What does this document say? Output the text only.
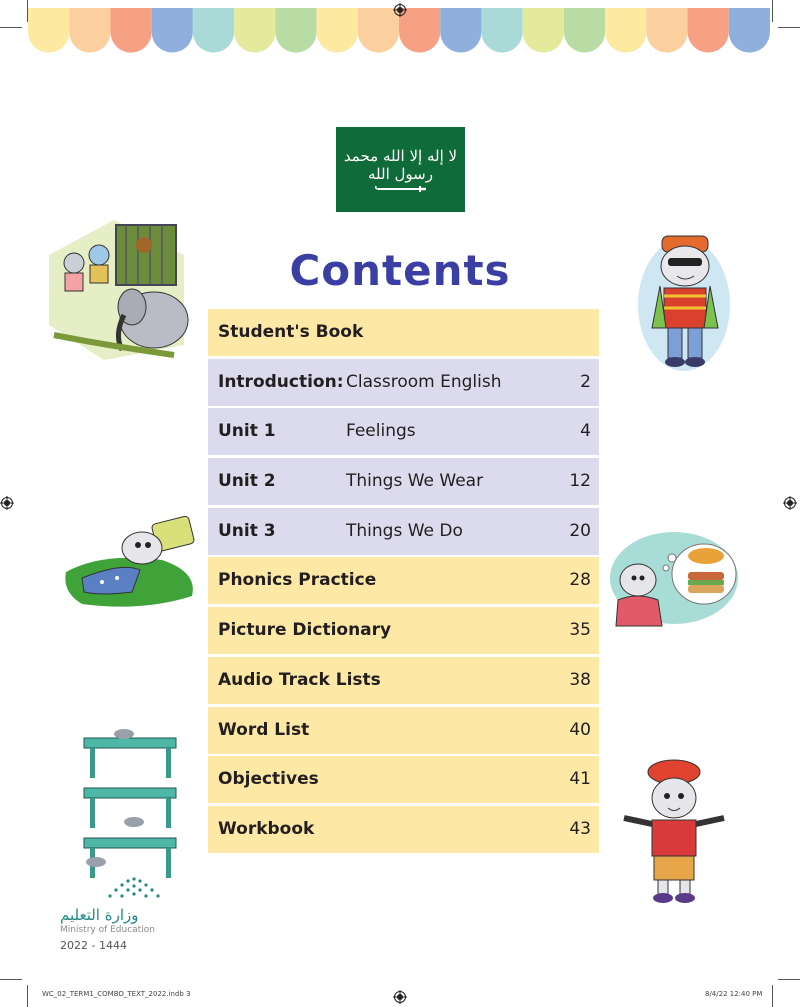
لا إله إلا الله محمد رسول الله
Contents
Student's Book
Introduction: Classroom English	2
Unit 1	Feelings	4
Unit 2	Things We Wear	12
Unit 3	Things We Do	20
Phonics Practice	28
Picture Dictionary	35
Audio Track Lists	38
Word List	40
Objectives	41
Workbook	43
وزارة التعليم
Ministry of Education
2022 - 1444
WC_02_TERM1_COMBO_TEXT_2022.indb 3	8/4/22 12:40 PM
